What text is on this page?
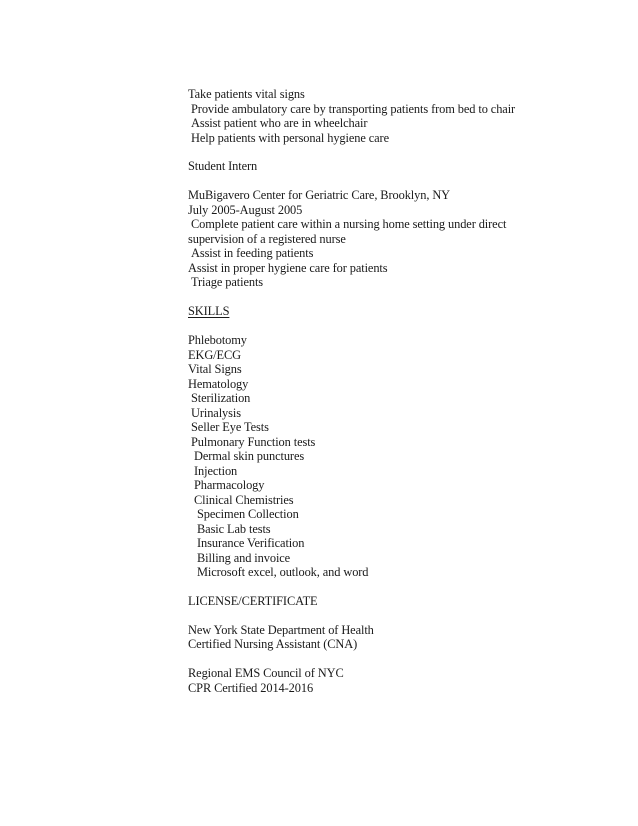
Take patients vital signs

Provide ambulatory care by transporting patients from bed to chair

Assist patient who are in wheelchair

Help patients with personal hygiene care

Student Intern

MuBigavero Center for Geriatric Care, Brooklyn, NY

July 2005-August 2005

Complete patient care within a nursing home setting under direct

supervision of a registered nurse

Assist in feeding patients

Assist in proper hygiene care for patients

Triage patients

SKILLS

Phlebotomy

EKG/ECG

Vital Signs

Hematology

Sterilization

Urinalysis

Seller Eye Tests

Pulmonary Function tests

Dermal skin punctures

Injection

Pharmacology

Clinical Chemistries

Specimen Collection

Basic Lab tests

Insurance Verification

Billing and invoice

Microsoft excel, outlook, and word

LICENSE/CERTIFICATE

New York State Department of Health

Certified Nursing Assistant (CNA)

Regional EMS Council of NYC

CPR Certified 2014-2016
